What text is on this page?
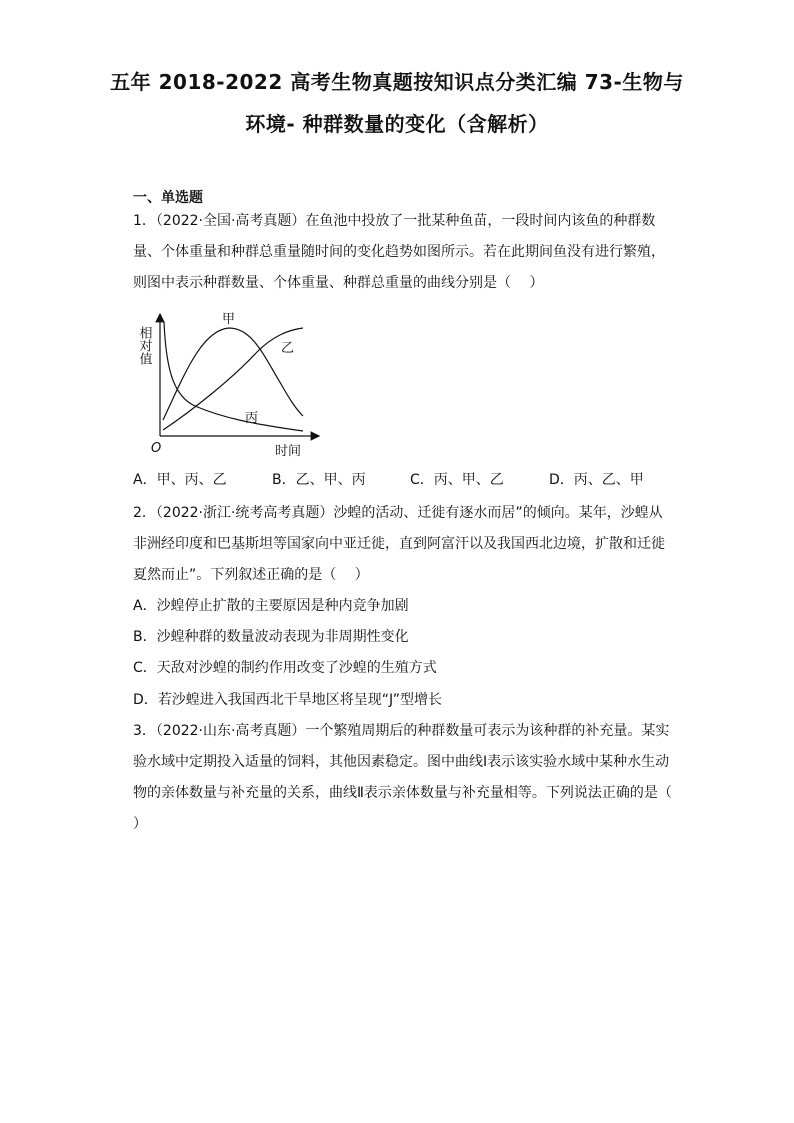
五年 2018-2022 高考生物真题按知识点分类汇编 73-生物与
环境- 种群数量的变化（含解析）
一、单选题

1．（2022·全国·高考真题）在鱼池中投放了一批某种鱼苗，一段时间内该鱼的种群数量、个体重量和种群总重量随时间的变化趋势如图所示。若在此期间鱼没有进行繁殖，则图中表示种群数量、个体重量、种群总重量的曲线分别是（　 ）

相对值
时间
O
甲
乙
丙
A．甲、丙、乙	B．乙、甲、丙	C．丙、甲、乙	D．丙、乙、甲

2．（2022·浙江·统考高考真题）沙蝗的活动、迁徙有逐水而居”的倾向。某年，沙蝗从非洲经印度和巴基斯坦等国家向中亚迁徙，直到阿富汗以及我国西北边境，扩散和迁徙夏然而止”。下列叙述正确的是（　 ）

A．沙蝗停止扩散的主要原因是种内竞争加剧
B．沙蝗种群的数量波动表现为非周期性变化
C．天敌对沙蝗的制约作用改变了沙蝗的生殖方式
D．若沙蝗进入我国西北干旱地区将呈现“J”型增长

3．（2022·山东·高考真题）一个繁殖周期后的种群数量可表示为该种群的补充量。某实验水域中定期投入适量的饲料，其他因素稳定。图中曲线Ⅰ表示该实验水域中某种水生动物的亲体数量与补充量的关系，曲线Ⅱ表示亲体数量与补充量相等。下列说法正确的是（　 ）
